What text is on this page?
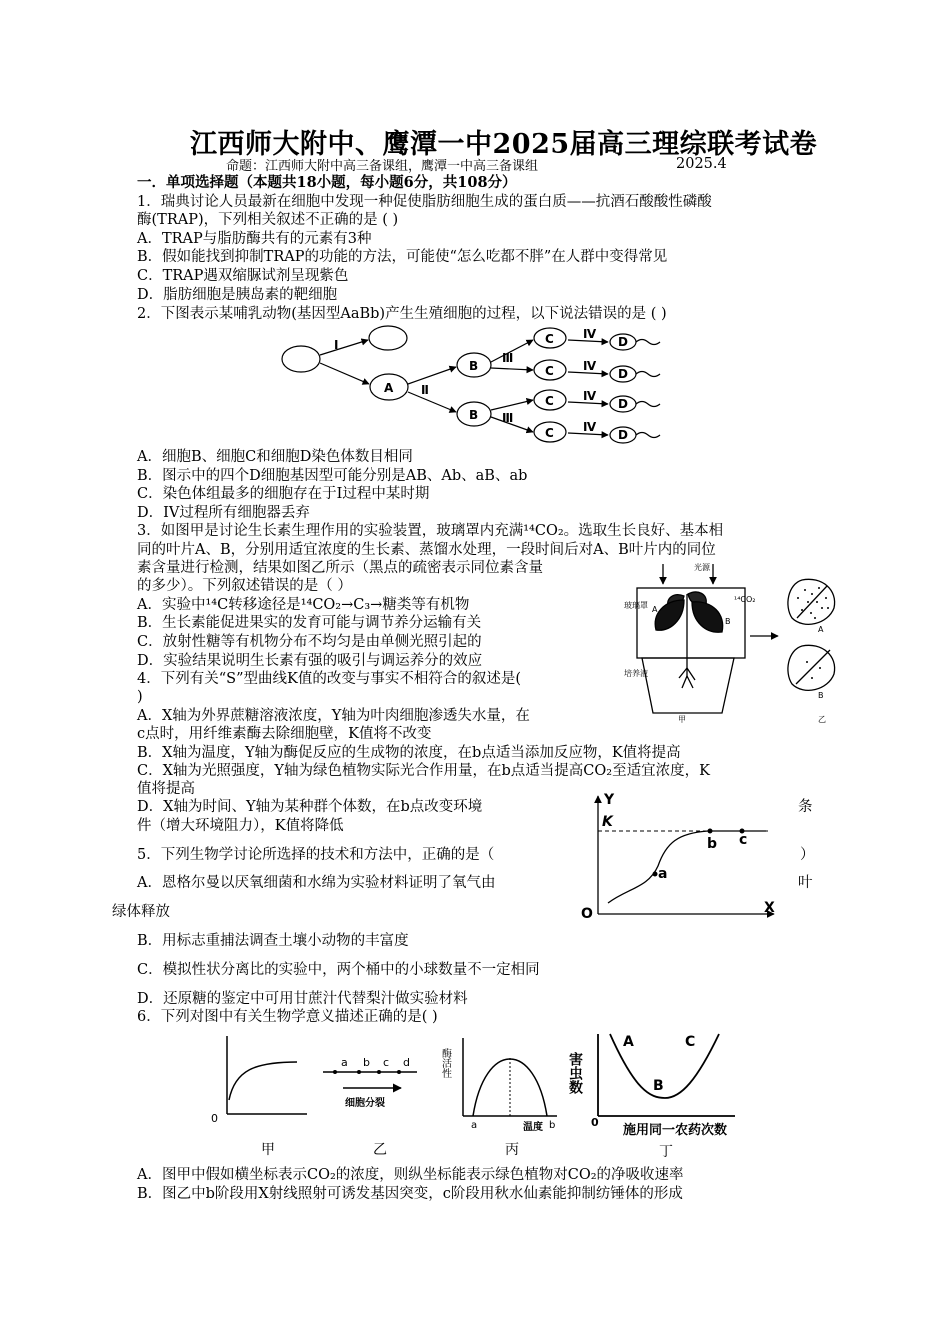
江西师大附中、鹰潭一中2025届高三理综联考试卷
命题：江西师大附中高三备课组，鹰潭一中高三备课组	2025.4
一．单项选择题（本题共18小题，每小题6分，共108分）
1．瑞典讨论人员最新在细胞中发现一种促使脂肪细胞生成的蛋白质——抗酒石酸酸性磷酸
酶(TRAP)，下列相关叙述不正确的是 ( )
A．TRAP与脂肪酶共有的元素有3种
B．假如能找到抑制TRAP的功能的方法，可能使“怎么吃都不胖”在人群中变得常见
C．TRAP遇双缩脲试剂呈现紫色
D．脂肪细胞是胰岛素的靶细胞
2．下图表示某哺乳动物(基因型AaBb)产生生殖细胞的过程，以下说法错误的是 ( )
I
Ⅱ
Ⅲ
Ⅲ
Ⅳ
Ⅳ
Ⅳ
Ⅳ
A
B
B
C
C
C
C
D
D
D
D
A．细胞B、细胞C和细胞D染色体数目相同
B．图示中的四个D细胞基因型可能分别是AB、Ab、aB、ab
C．染色体组最多的细胞存在于I过程中某时期
D．IV过程所有细胞器丢弃
3．如图甲是讨论生长素生理作用的实验装置，玻璃罩内充满¹⁴CO₂。选取生长良好、基本相
同的叶片A、B，分别用适宜浓度的生长素、蒸馏水处理，一段时间后对A、B叶片内的同位
素含量进行检测，结果如图乙所示（黑点的疏密表示同位素含量
的多少）。下列叙述错误的是（ ）
A．实验中¹⁴C转移途径是¹⁴CO₂→C₃→糖类等有机物
B．生长素能促进果实的发育可能与调节养分运输有关
C．放射性糖等有机物分布不均匀是由单侧光照引起的
D．实验结果说明生长素有强的吸引与调运养分的效应
光源
¹⁴CO₂
玻璃罩
培养液
A
B
A
B
甲	乙
4．下列有关“S”型曲线K值的改变与事实不相符合的叙述是(
)
A．X轴为外界蔗糖溶液浓度，Y轴为叶肉细胞渗透失水量，在
c点时，用纤维素酶去除细胞壁，K值将不改变
B．X轴为温度，Y轴为酶促反应的生成物的浓度，在b点适当添加反应物，K值将提高
C．X轴为光照强度，Y轴为绿色植物实际光合作用量，在b点适当提高CO₂至适宜浓度，K
值将提高
D．X轴为时间、Y轴为某种群个体数，在b点改变环境	条
件（增大环境阻力），K值将降低
Y
K
X
O
a
b c
5．下列生物学讨论所选择的技术和方法中，正确的是（	）
A．恩格尔曼以厌氧细菌和水绵为实验材料证明了氧气由	叶
绿体释放
B．用标志重捕法调查土壤小动物的丰富度
C．模拟性状分离比的实验中，两个桶中的小球数量不一定相同
D．还原糖的鉴定中可用甘蔗汁代替梨汁做实验材料
6．下列对图中有关生物学意义描述正确的是( )
0
甲
a b c d
细胞分裂
乙
酶活性
a	温度 b
丙
害虫数
A
B
C
0
施用同一农药次数
丁
A．图甲中假如横坐标表示CO₂的浓度，则纵坐标能表示绿色植物对CO₂的净吸收速率
B．图乙中b阶段用X射线照射可诱发基因突变，c阶段用秋水仙素能抑制纺锤体的形成
